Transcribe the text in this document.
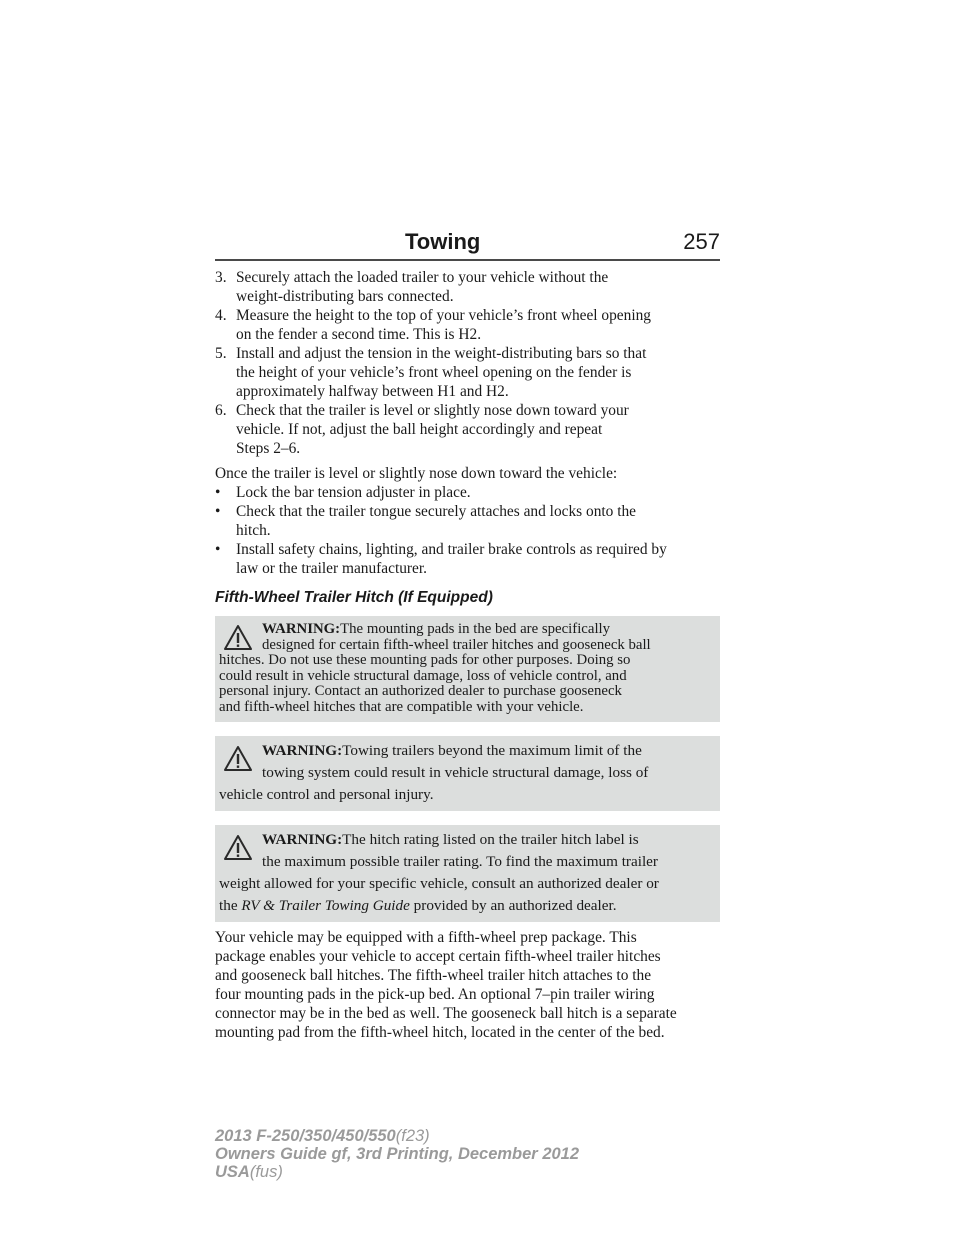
Towing	257
3. Securely attach the loaded trailer to your vehicle without the
weight-distributing bars connected.
4. Measure the height to the top of your vehicle’s front wheel opening
on the fender a second time. This is H2.
5. Install and adjust the tension in the weight-distributing bars so that
the height of your vehicle’s front wheel opening on the fender is
approximately halfway between H1 and H2.
6. Check that the trailer is level or slightly nose down toward your
vehicle. If not, adjust the ball height accordingly and repeat
Steps 2–6.
Once the trailer is level or slightly nose down toward the vehicle:
• Lock the bar tension adjuster in place.
• Check that the trailer tongue securely attaches and locks onto the
hitch.
• Install safety chains, lighting, and trailer brake controls as required by
law or the trailer manufacturer.
Fifth-Wheel Trailer Hitch (If Equipped)
WARNING:The mounting pads in the bed are specifically
designed for certain fifth-wheel trailer hitches and gooseneck ball
hitches. Do not use these mounting pads for other purposes. Doing so
could result in vehicle structural damage, loss of vehicle control, and
personal injury. Contact an authorized dealer to purchase gooseneck
and fifth-wheel hitches that are compatible with your vehicle.
WARNING:Towing trailers beyond the maximum limit of the
towing system could result in vehicle structural damage, loss of
vehicle control and personal injury.
WARNING:The hitch rating listed on the trailer hitch label is
the maximum possible trailer rating. To find the maximum trailer
weight allowed for your specific vehicle, consult an authorized dealer or
the RV & Trailer Towing Guide provided by an authorized dealer.
Your vehicle may be equipped with a fifth-wheel prep package. This
package enables your vehicle to accept certain fifth-wheel trailer hitches
and gooseneck ball hitches. The fifth-wheel trailer hitch attaches to the
four mounting pads in the pick-up bed. An optional 7–pin trailer wiring
connector may be in the bed as well. The gooseneck ball hitch is a separate
mounting pad from the fifth-wheel hitch, located in the center of the bed.
2013 F-250/350/450/550(f23)
Owners Guide gf, 3rd Printing, December 2012
USA(fus)
